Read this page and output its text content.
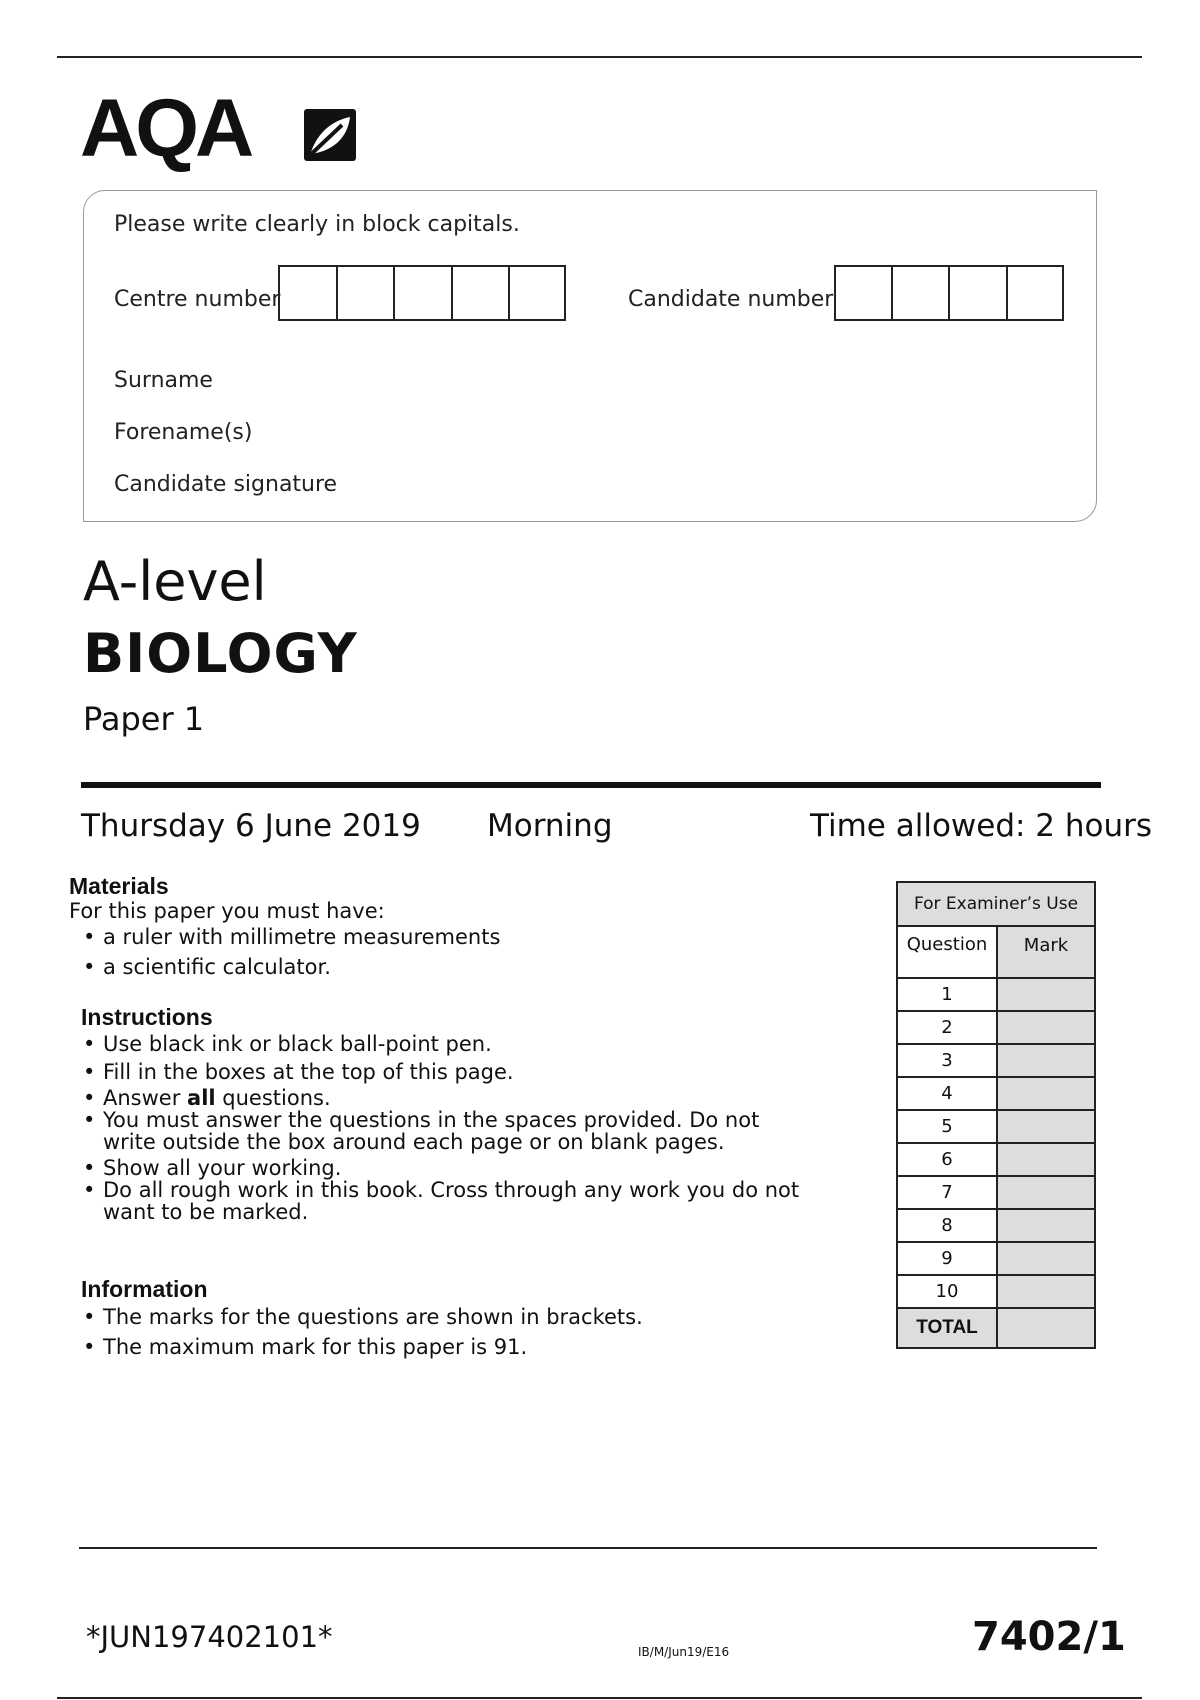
AQA
Please write clearly in block capitals.
Centre number	Candidate number
Surname
Forename(s)
Candidate signature
A-level
BIOLOGY
Paper 1
Thursday 6 June 2019 Morning	Time allowed: 2 hours
Materials
For this paper you must have:
• a ruler with millimetre measurements
• a scientific calculator.
Instructions
• Use black ink or black ball-point pen.
• Fill in the boxes at the top of this page.
• Answer all questions.
• You must answer the questions in the spaces provided. Do not write outside the box around each page or on blank pages.
• Show all your working.
• Do all rough work in this book. Cross through any work you do not want to be marked.
Information
• The marks for the questions are shown in brackets.
• The maximum mark for this paper is 91.
For Examiner’s Use	
Question	Mark
1	
2	
3	
4	
5	
6	
7	
8	
9	
10	
TOTAL	
*JUN197402101*	IB/M/Jun19/E16	7402/1
